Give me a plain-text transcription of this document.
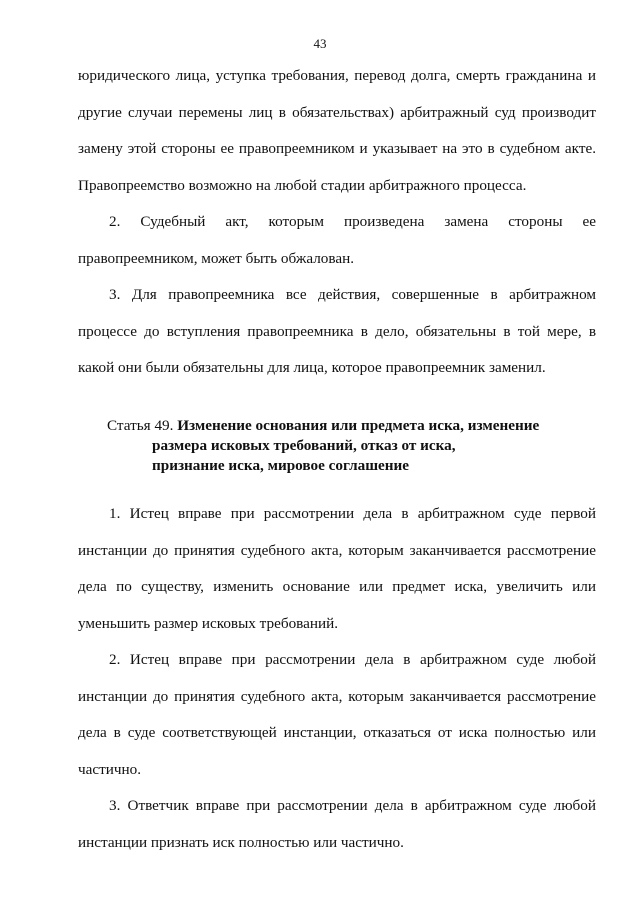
43

юридического лица, уступка требования, перевод долга, смерть гражданина и другие случаи перемены лиц в обязательствах) арбитражный суд производит замену этой стороны ее правопреемником и указывает на это в судебном акте. Правопреемство возможно на любой стадии арбитражного процесса.

2. Судебный акт, которым произведена замена стороны ее правопреемником, может быть обжалован.

3. Для правопреемника все действия, совершенные в арбитражном процессе до вступления правопреемника в дело, обязательны в той мере, в какой они были обязательны для лица, которое правопреемник заменил.

Статья 49. Изменение основания или предмета иска, изменение
размера исковых требований, отказ от иска,
признание иска, мировое соглашение

1. Истец вправе при рассмотрении дела в арбитражном суде первой инстанции до принятия судебного акта, которым заканчивается рассмотрение дела по существу, изменить основание или предмет иска, увеличить или уменьшить размер исковых требований.

2. Истец вправе при рассмотрении дела в арбитражном суде любой инстанции до принятия судебного акта, которым заканчивается рассмотрение дела в суде соответствующей инстанции, отказаться от иска полностью или частично.

3. Ответчик вправе при рассмотрении дела в арбитражном суде любой инстанции признать иск полностью или частично.
